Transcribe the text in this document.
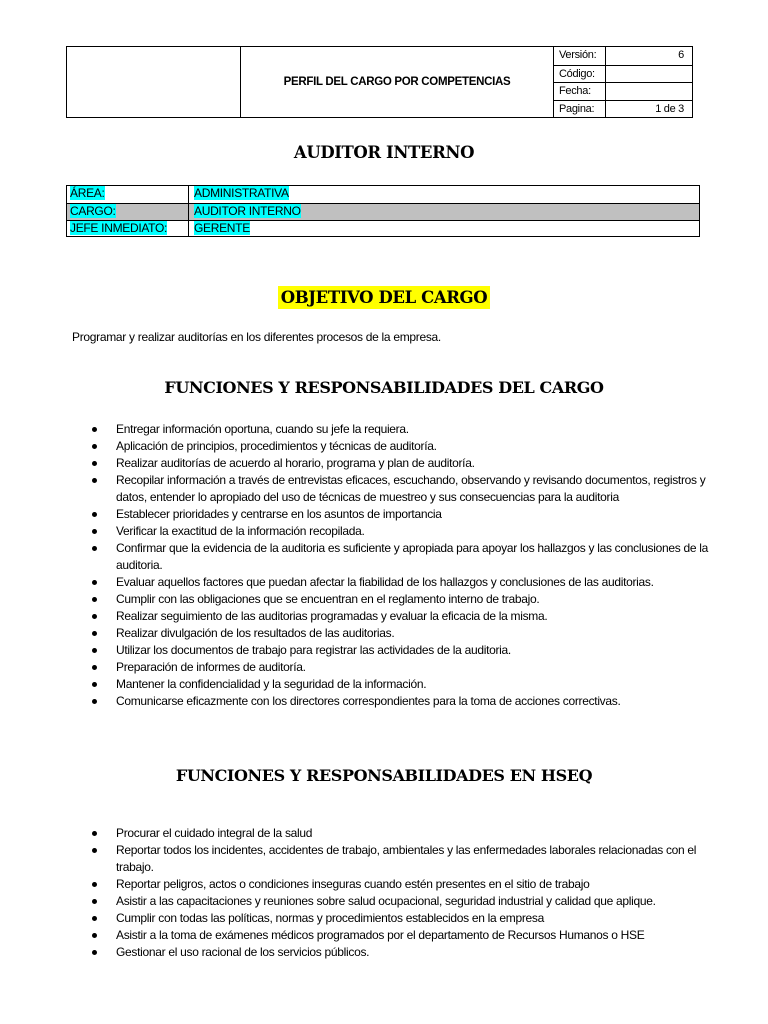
PERFIL DEL CARGO POR COMPETENCIAS
Versión:	6
Código:
Fecha:
Pagina:	1 de 3
AUDITOR INTERNO
ÁREA:	ADMINISTRATIVA
CARGO:	AUDITOR INTERNO
JEFE INMEDIATO:	GERENTE
OBJETIVO DEL CARGO
Programar y realizar auditorías en los diferentes procesos de la empresa.
FUNCIONES Y RESPONSABILIDADES DEL CARGO
Entregar información oportuna, cuando su jefe la requiera.
Aplicación de principios, procedimientos y técnicas de auditoría.
Realizar auditorías de acuerdo al horario, programa y plan de auditoría.
Recopilar información a través de entrevistas eficaces, escuchando, observando y revisando documentos, registros y datos, entender lo apropiado del uso de técnicas de muestreo y sus consecuencias para la auditoria
Establecer prioridades y centrarse en los asuntos de importancia
Verificar la exactitud de la información recopilada.
Confirmar que la evidencia de la auditoria es suficiente y apropiada para apoyar los hallazgos y las conclusiones de la auditoria.
Evaluar aquellos factores que puedan afectar la fiabilidad de los hallazgos y conclusiones de las auditorias.
Cumplir con las obligaciones que se encuentran en el reglamento interno de trabajo.
Realizar seguimiento de las auditorias programadas y evaluar la eficacia de la misma.
Realizar divulgación de los resultados de las auditorias.
Utilizar los documentos de trabajo para registrar las actividades de la auditoria.
Preparación de informes de auditoría.
Mantener la confidencialidad y la seguridad de la información.
Comunicarse eficazmente con los directores correspondientes para la toma de acciones correctivas.
FUNCIONES Y RESPONSABILIDADES EN HSEQ
Procurar el cuidado integral de la salud
Reportar todos los incidentes, accidentes de trabajo, ambientales y las enfermedades laborales relacionadas con el trabajo.
Reportar peligros, actos o condiciones inseguras cuando estén presentes en el sitio de trabajo
Asistir a las capacitaciones y reuniones sobre salud ocupacional, seguridad industrial y calidad que aplique.
Cumplir con todas las políticas, normas y procedimientos establecidos en la empresa
Asistir a la toma de exámenes médicos programados por el departamento de Recursos Humanos o HSE
Gestionar el uso racional de los servicios públicos.
